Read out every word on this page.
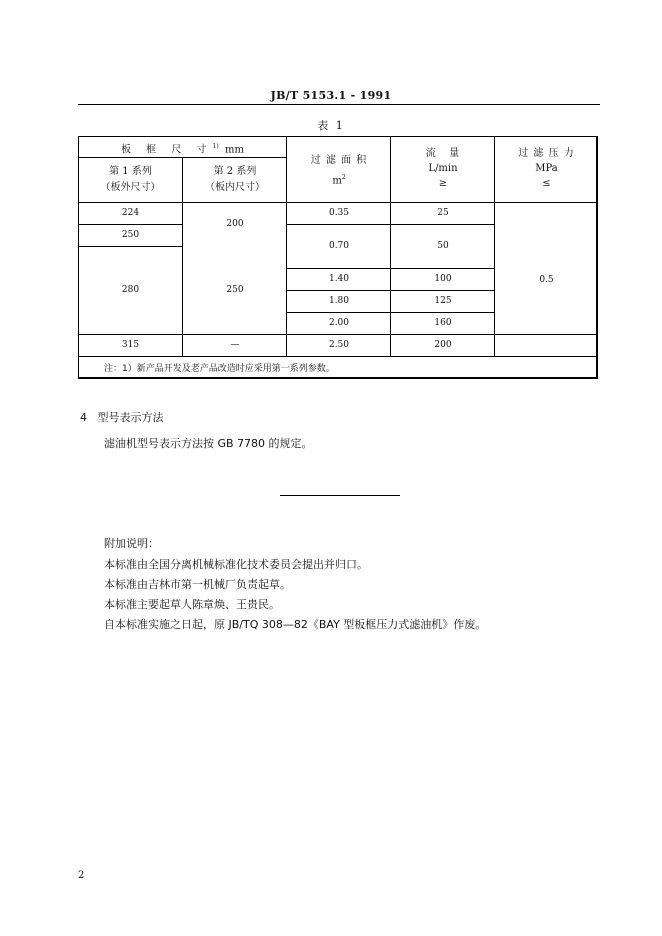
JB/T 5153.1 - 1991
表 1
板 框 尺 寸$^{1)}$ mm
第 1 系列
（板外尺寸）
第 2 系列
（板内尺寸）
过 滤 面 积
$m^2$
流   量
L/min
≥
过 滤 压 力
MPa
≤
224
250
280
315
200
250
—
0.35
0.70
1.40
1.80
2.00
2.50
25
50
100
125
160
200
0.5
注：1）新产品开发及老产品改造时应采用第一系列参数。
4   型号表示方法
滤油机型号表示方法按 GB 7780 的规定。
附加说明：
本标准由全国分离机械标准化技术委员会提出并归口。
本标准由吉林市第一机械厂负责起草。
本标准主要起草人陈章焕、王贵民。
自本标准实施之日起，原 JB/TQ 308—82《BAY 型板框压力式滤油机》作废。
2
